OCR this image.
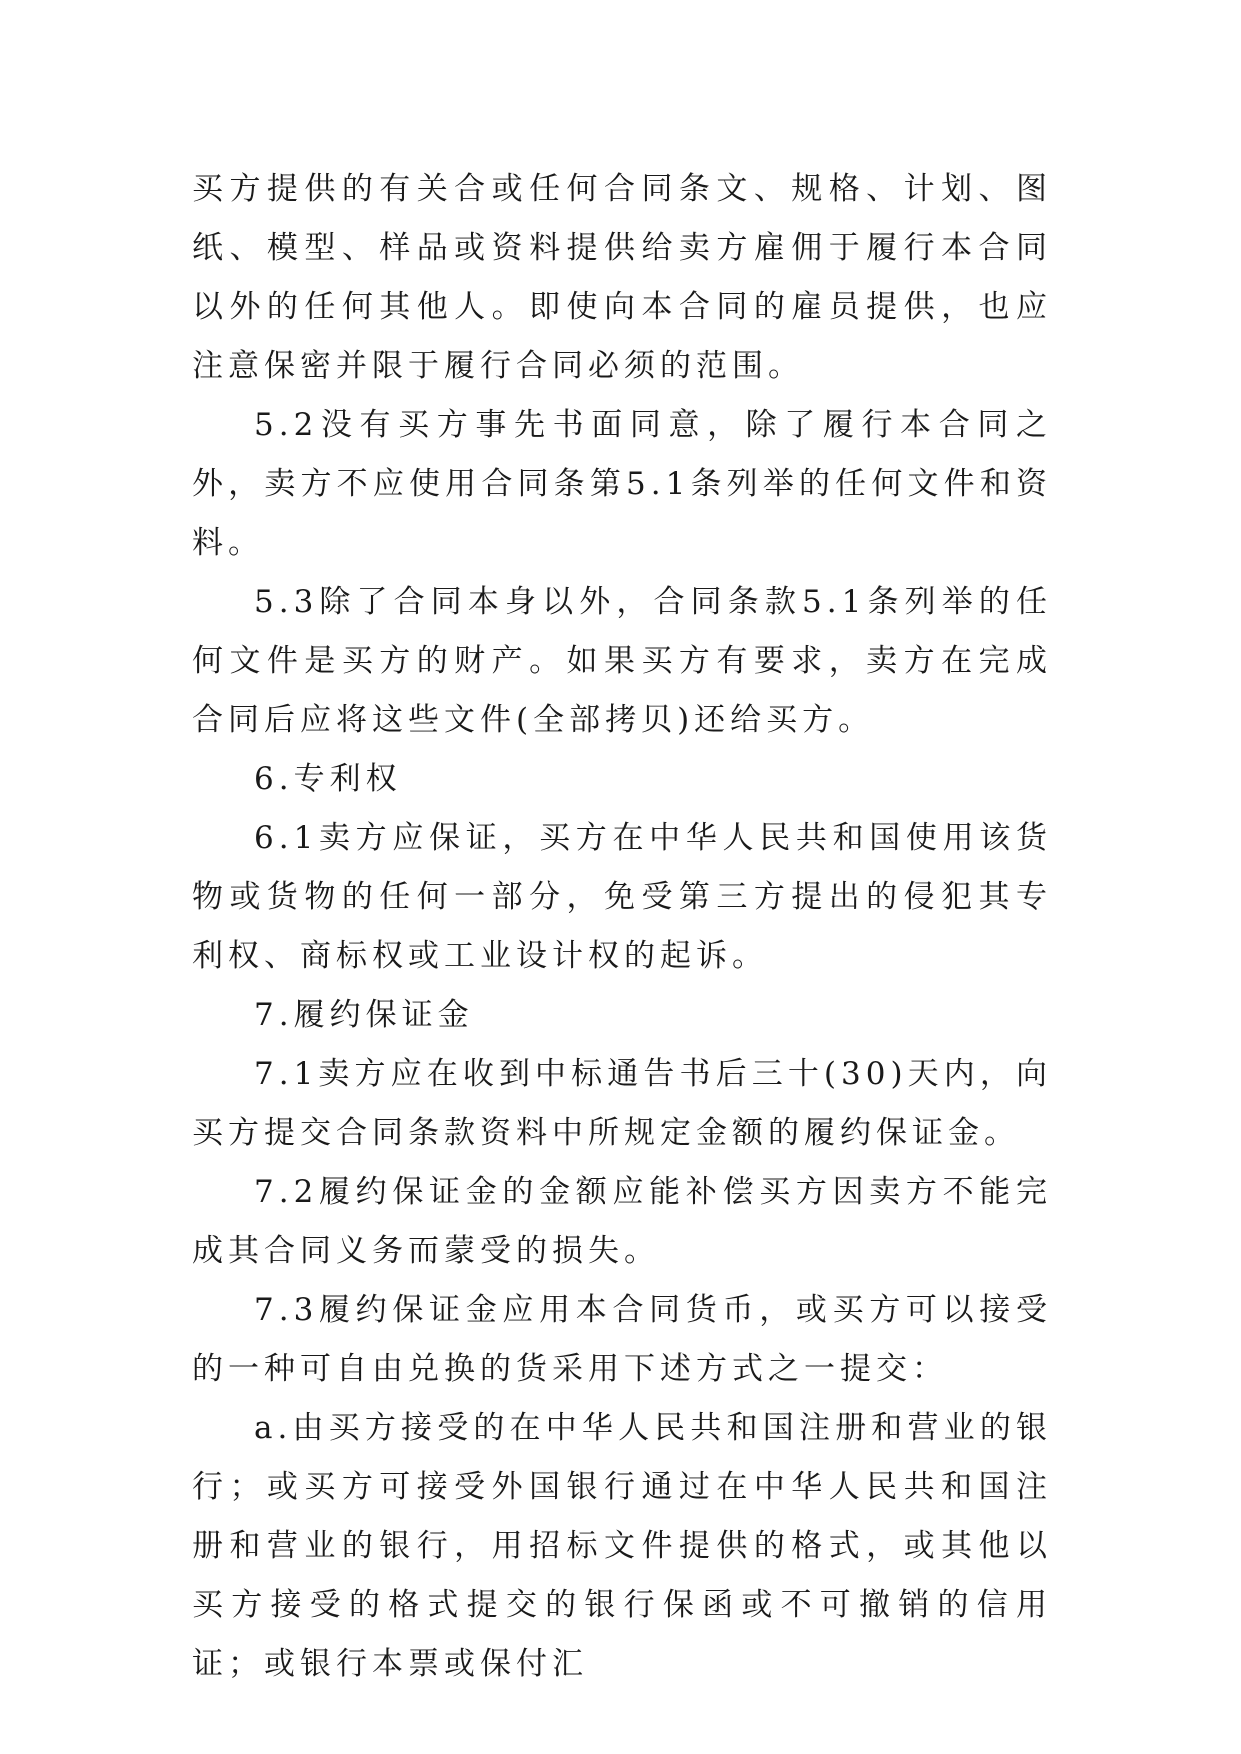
买方提供的有关合或任何合同条文、规格、计划、图纸、模型、样品或资料提供给卖方雇佣于履行本合同以外的任何其他人。即使向本合同的雇员提供，也应注意保密并限于履行合同必须的范围。

5.2没有买方事先书面同意，除了履行本合同之外，卖方不应使用合同条第5.1条列举的任何文件和资料。

5.3除了合同本身以外，合同条款5.1条列举的任何文件是买方的财产。如果买方有要求，卖方在完成合同后应将这些文件(全部拷贝)还给买方。

6.专利权

6.1卖方应保证，买方在中华人民共和国使用该货物或货物的任何一部分，免受第三方提出的侵犯其专利权、商标权或工业设计权的起诉。

7.履约保证金

7.1卖方应在收到中标通告书后三十(30)天内，向买方提交合同条款资料中所规定金额的履约保证金。

7.2履约保证金的金额应能补偿买方因卖方不能完成其合同义务而蒙受的损失。

7.3履约保证金应用本合同货币，或买方可以接受的一种可自由兑换的货采用下述方式之一提交：

a.由买方接受的在中华人民共和国注册和营业的银行；或买方可接受外国银行通过在中华人民共和国注册和营业的银行，用招标文件提供的格式，或其他以买方接受的格式提交的银行保函或不可撤销的信用证；或银行本票或保付汇
